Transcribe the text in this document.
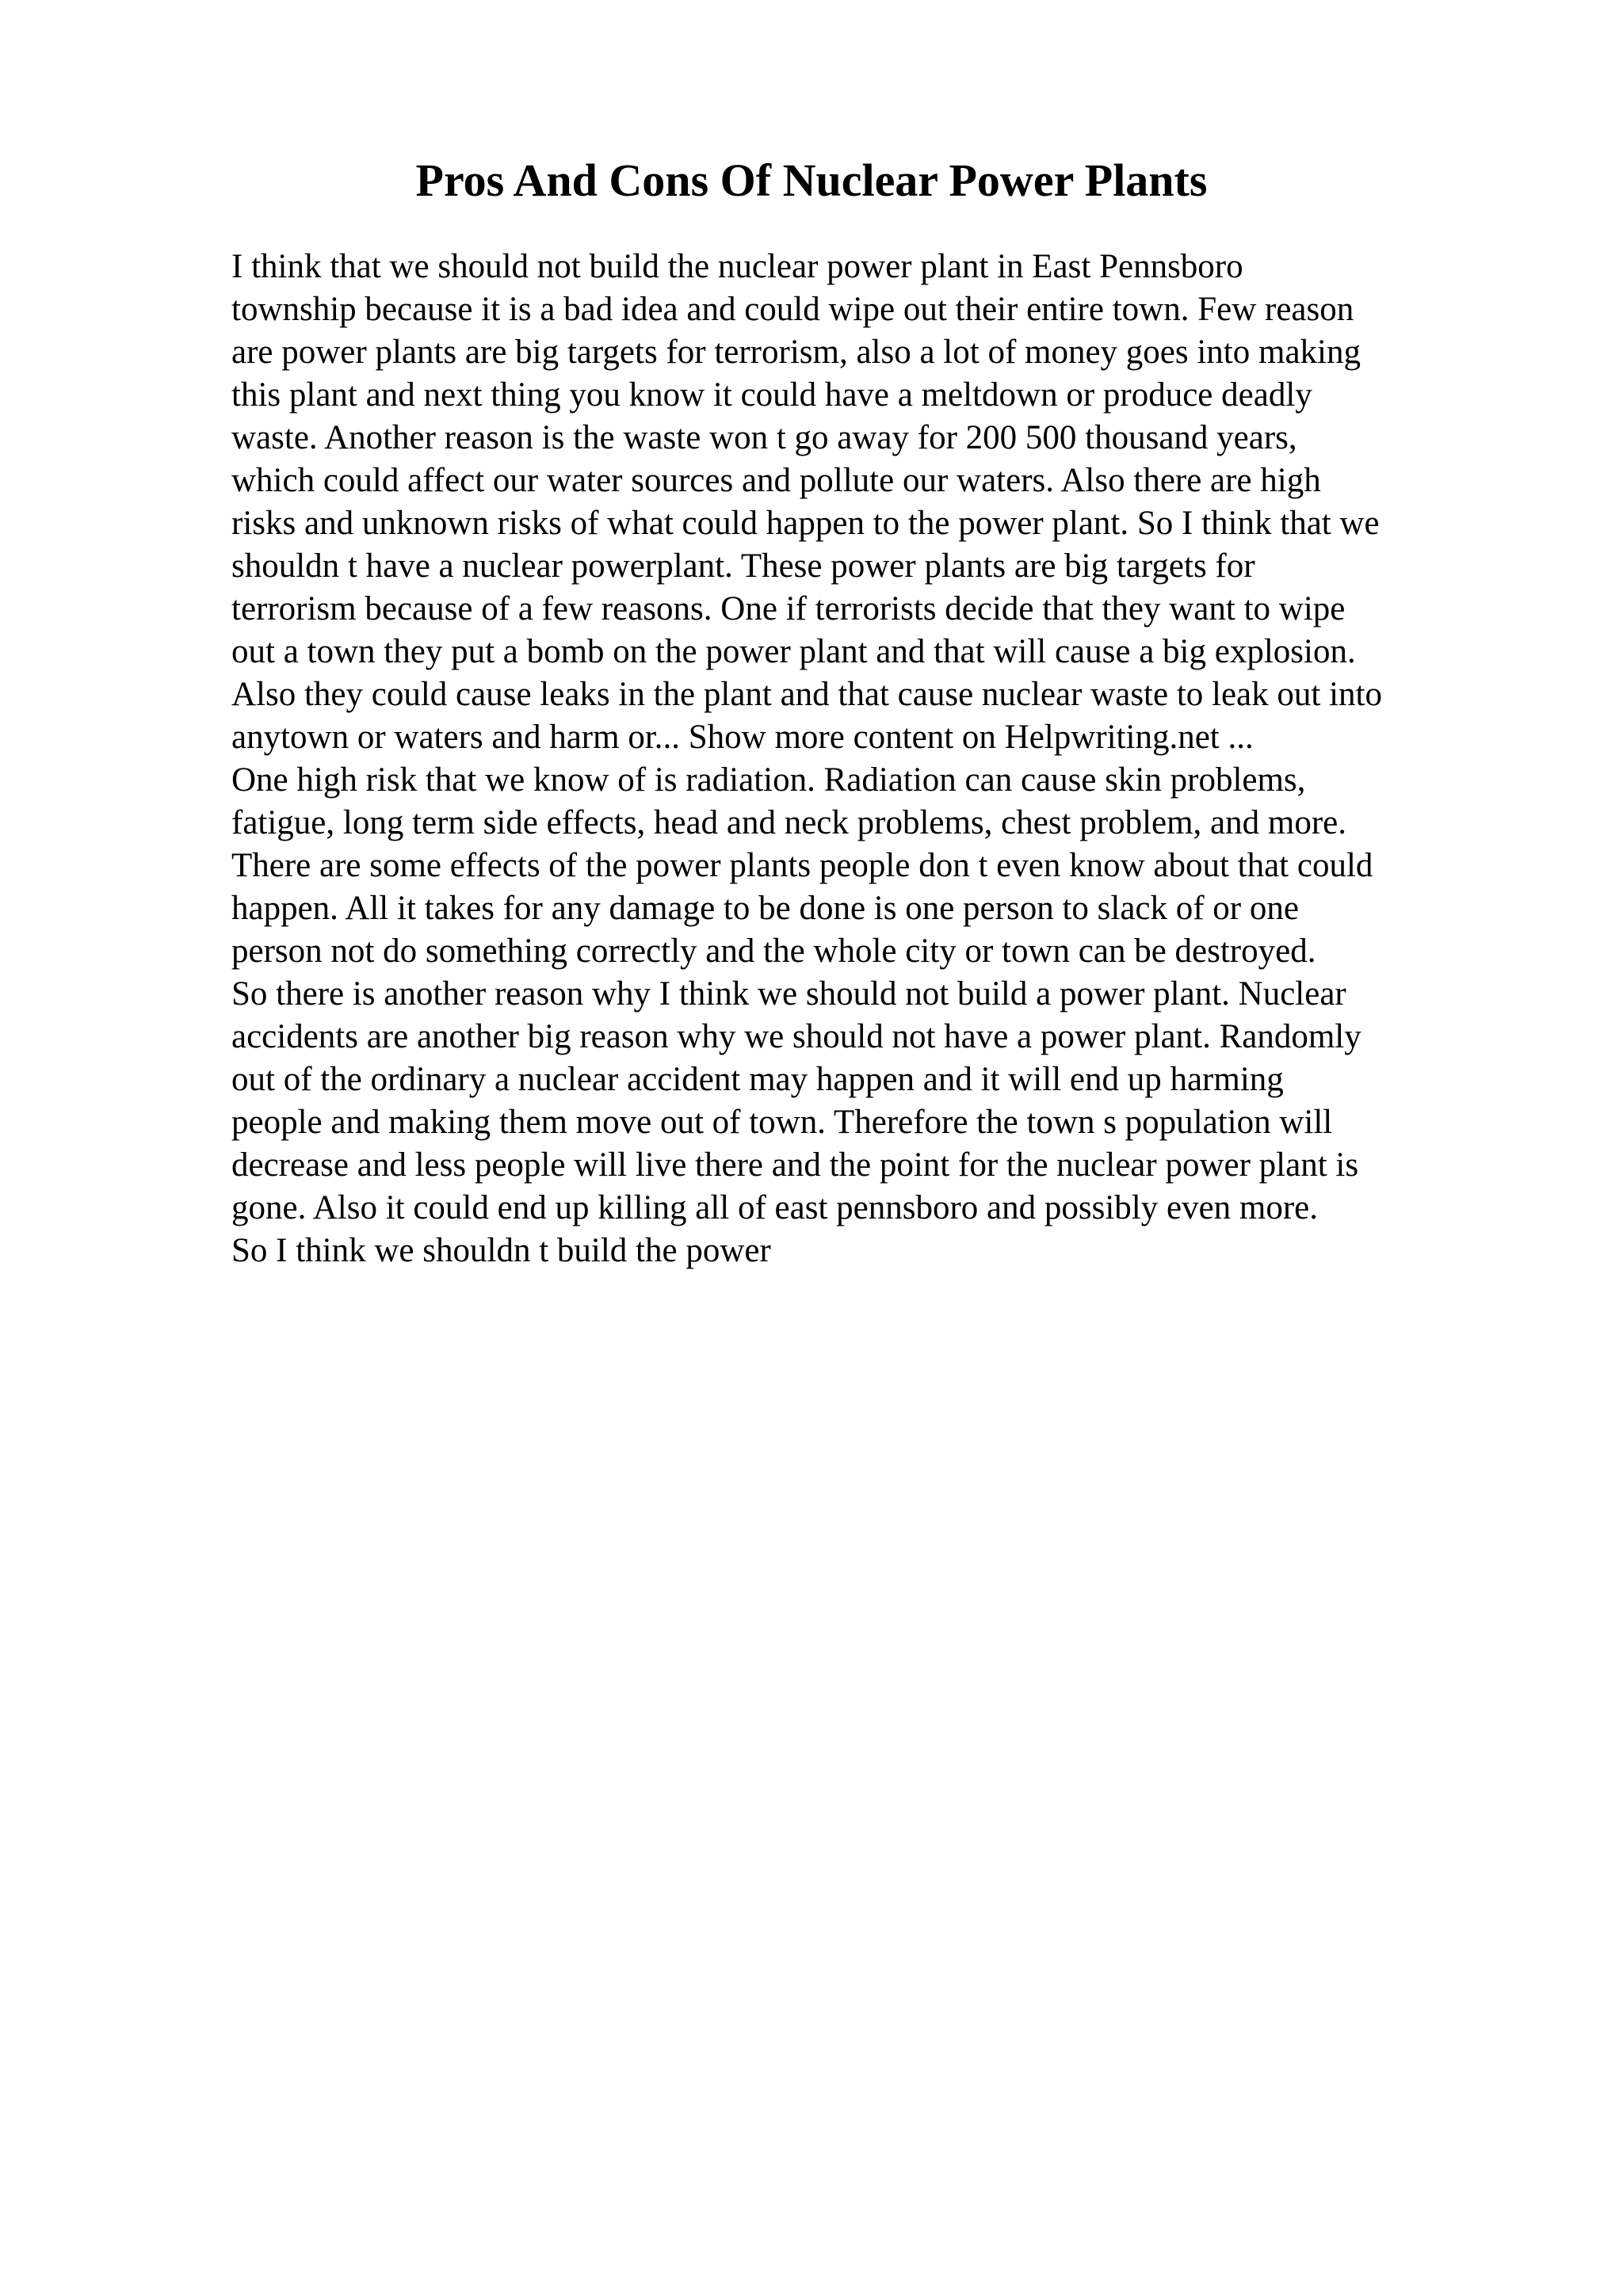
Pros And Cons Of Nuclear Power Plants
I think that we should not build the nuclear power plant in East Pennsboro
township because it is a bad idea and could wipe out their entire town. Few reason
are power plants are big targets for terrorism, also a lot of money goes into making
this plant and next thing you know it could have a meltdown or produce deadly
waste. Another reason is the waste won t go away for 200 500 thousand years,
which could affect our water sources and pollute our waters. Also there are high
risks and unknown risks of what could happen to the power plant. So I think that we
shouldn t have a nuclear powerplant. These power plants are big targets for
terrorism because of a few reasons. One if terrorists decide that they want to wipe
out a town they put a bomb on the power plant and that will cause a big explosion.
Also they could cause leaks in the plant and that cause nuclear waste to leak out into
anytown or waters and harm or... Show more content on Helpwriting.net ...
One high risk that we know of is radiation. Radiation can cause skin problems,
fatigue, long term side effects, head and neck problems, chest problem, and more.
There are some effects of the power plants people don t even know about that could
happen. All it takes for any damage to be done is one person to slack of or one
person not do something correctly and the whole city or town can be destroyed.
So there is another reason why I think we should not build a power plant. Nuclear
accidents are another big reason why we should not have a power plant. Randomly
out of the ordinary a nuclear accident may happen and it will end up harming
people and making them move out of town. Therefore the town s population will
decrease and less people will live there and the point for the nuclear power plant is
gone. Also it could end up killing all of east pennsboro and possibly even more.
So I think we shouldn t build the power
